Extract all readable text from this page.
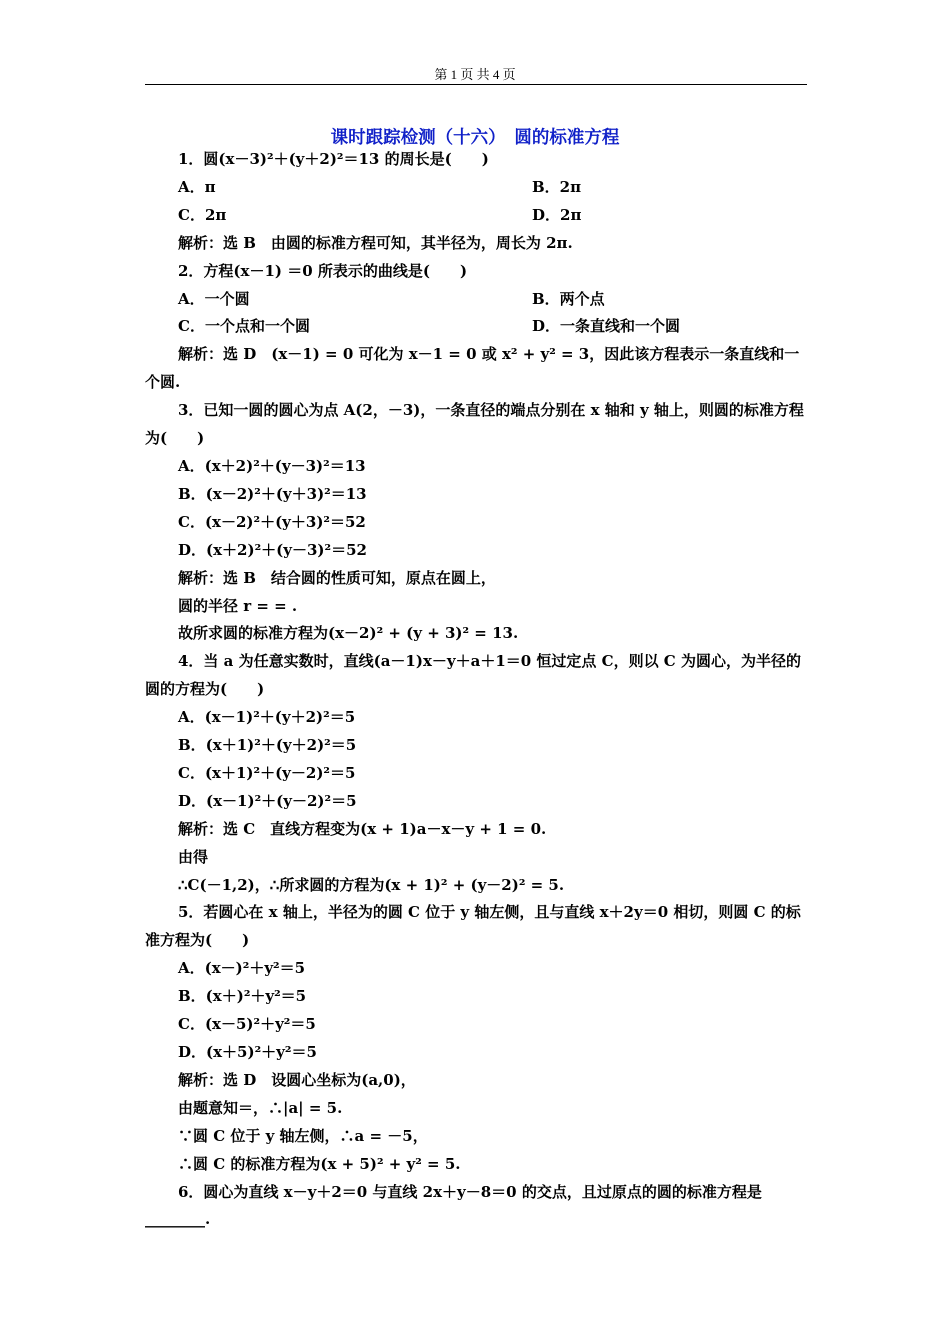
第 1 页 共 4 页
课时跟踪检测（十六）　圆的标准方程

1．圆(x－3)²＋(y＋2)²＝13 的周长是(　　)

A．π	B．2π
C．2π	D．2π

解析：选 B　由圆的标准方程可知，其半径为，周长为 2π.

2．方程(x－1) ＝0 所表示的曲线是(　　)

A．一个圆	B．两个点
C．一个点和一个圆	D．一条直线和一个圆

解析：选 D　(x－1) = 0 可化为 x－1 = 0 或 x² + y² = 3，因此该方程表示一条直线和一个圆.

3．已知一圆的圆心为点 A(2，－3)，一条直径的端点分别在 x 轴和 y 轴上，则圆的标准方程为(　　)

A．(x＋2)²＋(y－3)²＝13

B．(x－2)²＋(y＋3)²＝13

C．(x－2)²＋(y＋3)²＝52

D．(x＋2)²＋(y－3)²＝52

解析：选 B　结合圆的性质可知，原点在圆上，

圆的半径 r = = .

故所求圆的标准方程为(x－2)² + (y + 3)² = 13.

4．当 a 为任意实数时，直线(a－1)x－y＋a＋1＝0 恒过定点 C，则以 C 为圆心，为半径的圆的方程为(　　)

A．(x－1)²＋(y＋2)²＝5

B．(x＋1)²＋(y＋2)²＝5

C．(x＋1)²＋(y－2)²＝5

D．(x－1)²＋(y－2)²＝5

解析：选 C　直线方程变为(x + 1)a－x－y + 1 = 0.

由得

∴C(－1,2)，∴所求圆的方程为(x + 1)² + (y－2)² = 5.

5．若圆心在 x 轴上，半径为的圆 C 位于 y 轴左侧，且与直线 x＋2y＝0 相切，则圆 C 的标准方程为(　　)

A．(x－)²＋y²＝5

B．(x＋)²＋y²＝5

C．(x－5)²＋y²＝5

D．(x＋5)²＋y²＝5

解析：选 D　设圆心坐标为(a,0)，

由题意知＝，∴|a| = 5.

∵圆 C 位于 y 轴左侧，∴a = －5，

∴圆 C 的标准方程为(x + 5)² + y² = 5.

6．圆心为直线 x－y＋2＝0 与直线 2x＋y－8＝0 的交点，且过原点的圆的标准方程是________.
